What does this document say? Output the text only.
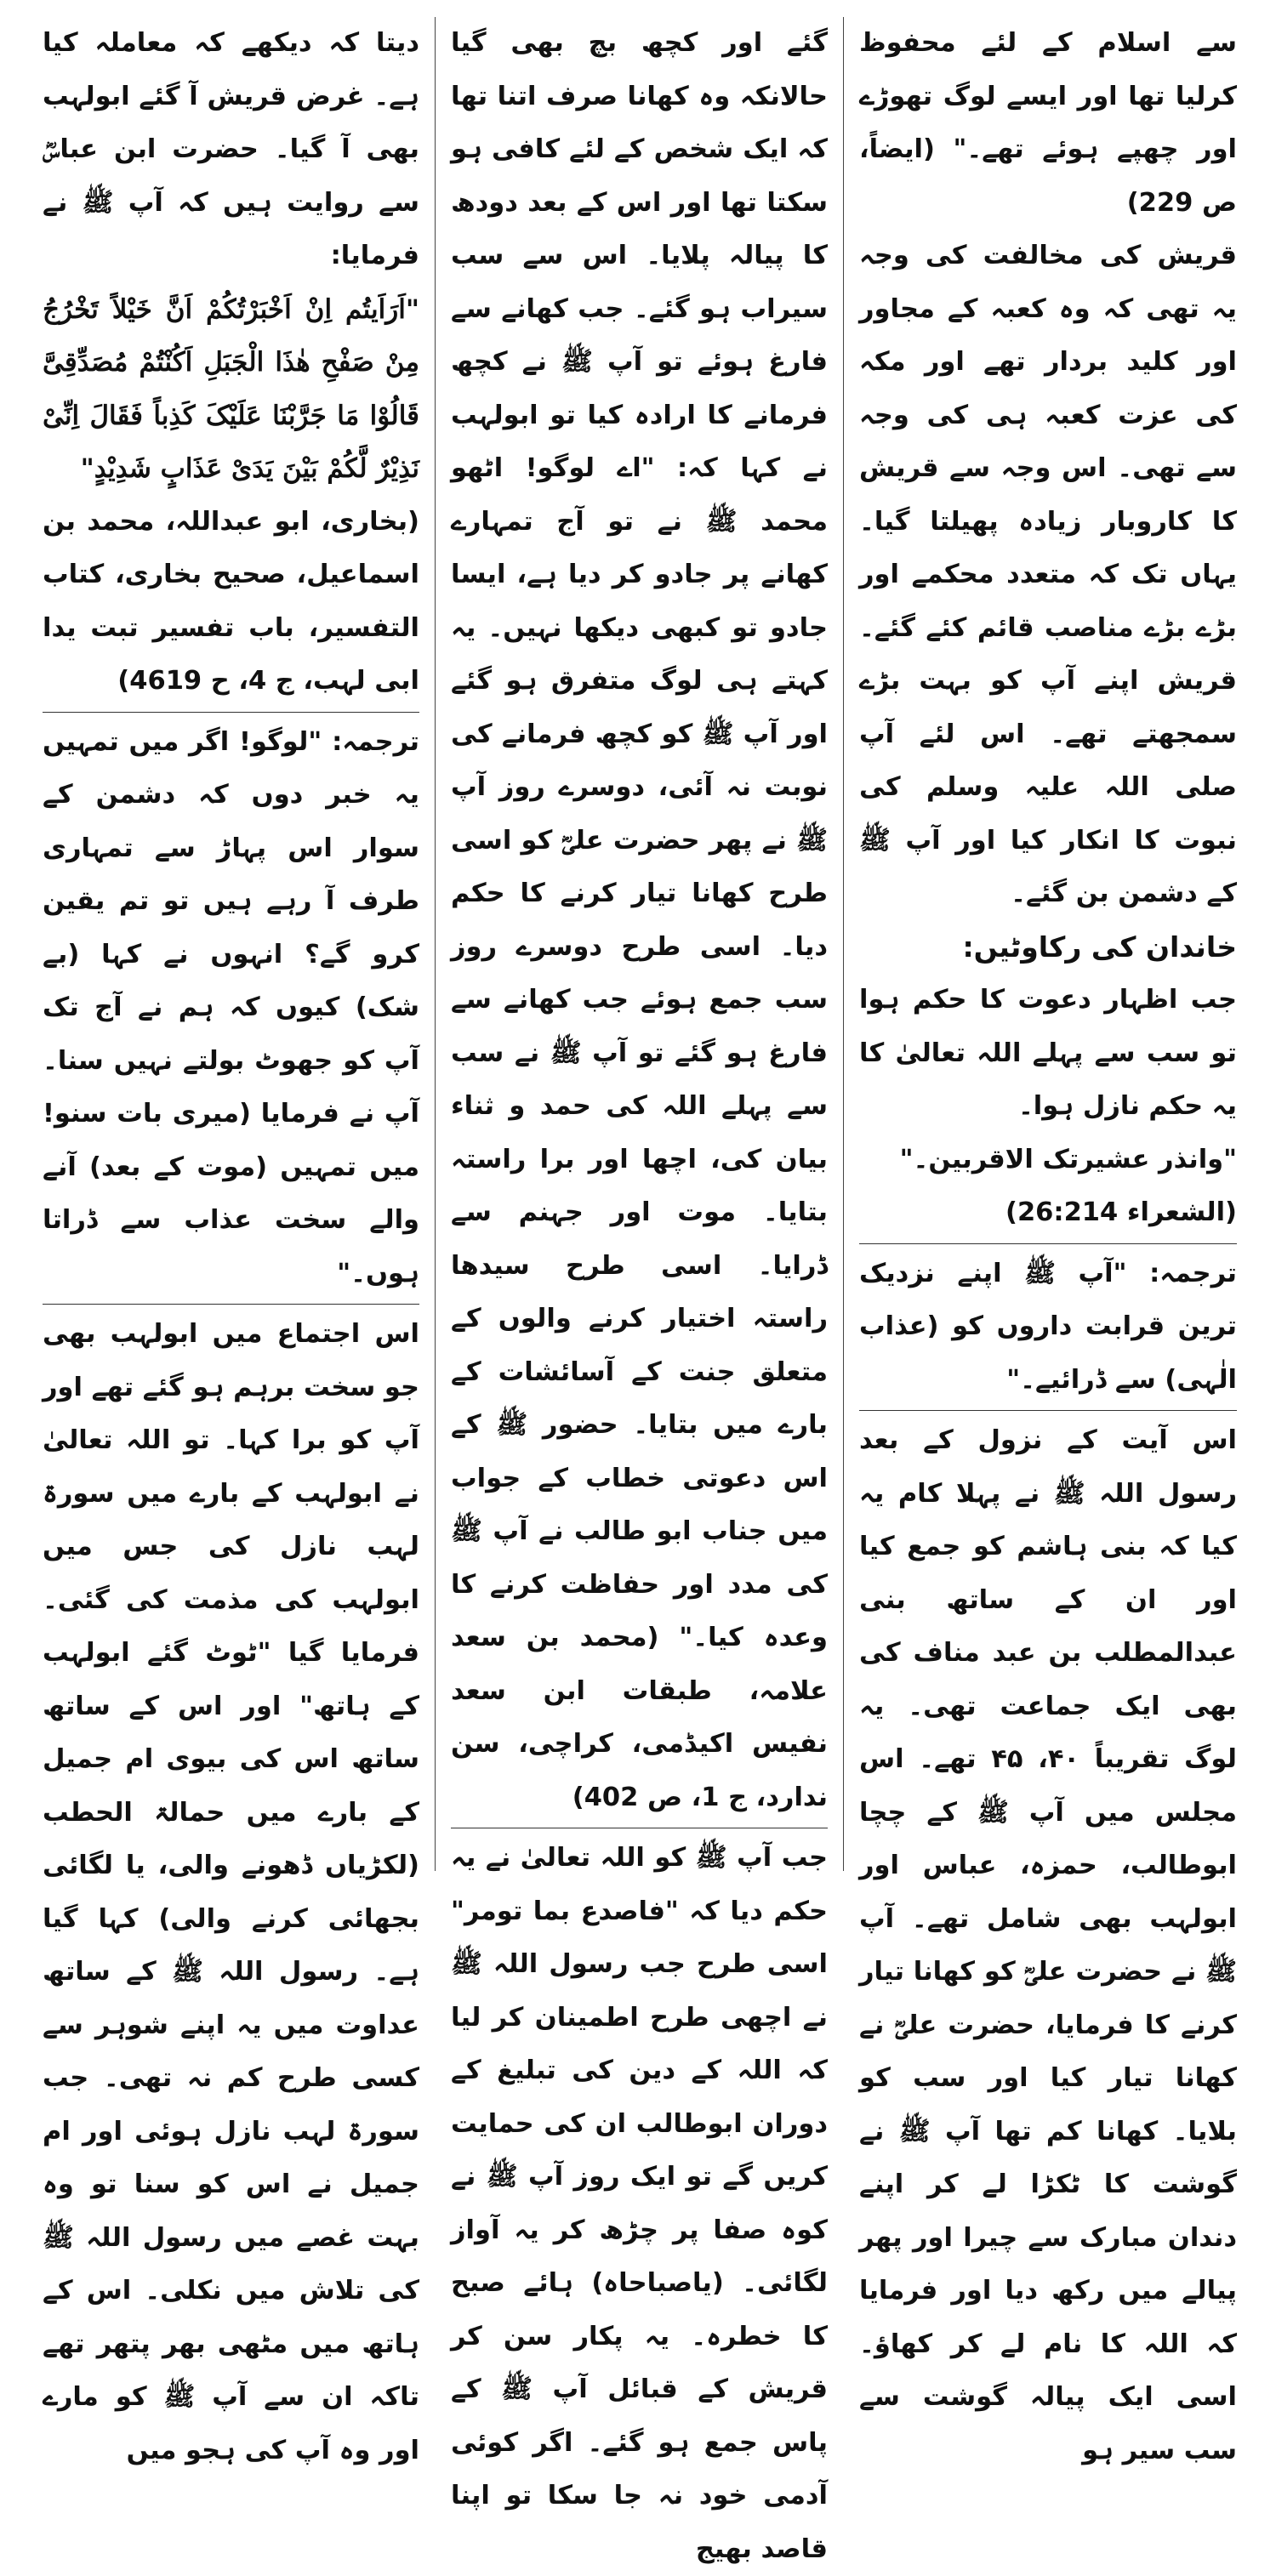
سے اسلام کے لئے محفوظ کرلیا تھا اور ایسے لوگ تھوڑے اور چھپے ہوئے تھے۔" (ایضاً، ص 229)

قریش کی مخالفت کی وجہ یہ تھی کہ وہ کعبہ کے مجاور اور کلید بردار تھے اور مکہ کی عزت کعبہ ہی کی وجہ سے تھی۔ اس وجہ سے قریش کا کاروبار زیادہ پھیلتا گیا۔ یہاں تک کہ متعدد محکمے اور بڑے بڑے مناصب قائم کئے گئے۔ قریش اپنے آپ کو بہت بڑے سمجھتے تھے۔ اس لئے آپ صلی اللہ علیہ وسلم کی نبوت کا انکار کیا اور آپ ﷺ کے دشمن بن گئے۔

خاندان کی رکاوٹیں:

جب اظہار دعوت کا حکم ہوا تو سب سے پہلے اللہ تعالیٰ کا یہ حکم نازل ہوا۔

"وانذر عشیرتک الاقربین۔"

(الشعراء 26:214)

ترجمہ: "آپ ﷺ اپنے نزدیک ترین قرابت داروں کو (عذاب الٰہی) سے ڈرائیے۔"

اس آیت کے نزول کے بعد رسول اللہ ﷺ نے پہلا کام یہ کیا کہ بنی ہاشم کو جمع کیا اور ان کے ساتھ بنی عبدالمطلب بن عبد مناف کی بھی ایک جماعت تھی۔ یہ لوگ تقریباً ۴۰، ۴۵ تھے۔ اس مجلس میں آپ ﷺ کے چچا ابوطالب، حمزہ، عباس اور ابولہب بھی شامل تھے۔ آپ ﷺ نے حضرت علیؓ کو کھانا تیار کرنے کا فرمایا، حضرت علیؓ نے کھانا تیار کیا اور سب کو بلایا۔ کھانا کم تھا آپ ﷺ نے گوشت کا ٹکڑا لے کر اپنے دندان مبارک سے چیرا اور پھر پیالے میں رکھ دیا اور فرمایا کہ اللہ کا نام لے کر کھاؤ۔ اسی ایک پیالہ گوشت سے سب سیر ہو

گئے اور کچھ بچ بھی گیا حالانکہ وہ کھانا صرف اتنا تھا کہ ایک شخص کے لئے کافی ہو سکتا تھا اور اس کے بعد دودھ کا پیالہ پلایا۔ اس سے سب سیراب ہو گئے۔ جب کھانے سے فارغ ہوئے تو آپ ﷺ نے کچھ فرمانے کا ارادہ کیا تو ابولہب نے کہا کہ: "اے لوگو! اٹھو محمد ﷺ نے تو آج تمہارے کھانے پر جادو کر دیا ہے، ایسا جادو تو کبھی دیکھا نہیں۔ یہ کہتے ہی لوگ متفرق ہو گئے اور آپ ﷺ کو کچھ فرمانے کی نوبت نہ آئی، دوسرے روز آپ ﷺ نے پھر حضرت علیؓ کو اسی طرح کھانا تیار کرنے کا حکم دیا۔ اسی طرح دوسرے روز سب جمع ہوئے جب کھانے سے فارغ ہو گئے تو آپ ﷺ نے سب سے پہلے اللہ کی حمد و ثناء بیان کی، اچھا اور برا راستہ بتایا۔ موت اور جہنم سے ڈرایا۔ اسی طرح سیدھا راستہ اختیار کرنے والوں کے متعلق جنت کے آسائشات کے بارے میں بتایا۔ حضور ﷺ کے اس دعوتی خطاب کے جواب میں جناب ابو طالب نے آپ ﷺ کی مدد اور حفاظت کرنے کا وعدہ کیا۔" (محمد بن سعد علامہ، طبقات ابن سعد نفیس اکیڈمی، کراچی، سن ندارد، ج 1، ص 402)

جب آپ ﷺ کو اللہ تعالیٰ نے یہ حکم دیا کہ "فاصدع بما تومر" اسی طرح جب رسول اللہ ﷺ نے اچھی طرح اطمینان کر لیا کہ اللہ کے دین کی تبلیغ کے دوران ابوطالب ان کی حمایت کریں گے تو ایک روز آپ ﷺ نے کوہ صفا پر چڑھ کر یہ آواز لگائی۔ (یاصباحاہ) ہائے صبح کا خطرہ۔ یہ پکار سن کر قریش کے قبائل آپ ﷺ کے پاس جمع ہو گئے۔ اگر کوئی آدمی خود نہ جا سکا تو اپنا قاصد بھیج

دیتا کہ دیکھے کہ معاملہ کیا ہے۔ غرض قریش آ گئے ابولہب بھی آ گیا۔ حضرت ابن عباسؓ سے روایت ہیں کہ آپ ﷺ نے فرمایا:

"اَرَاَیتُم اِنْ اَخْبَرْتُکُمْ اَنَّ خَیْلاً تَخْرُجُ مِنْ صَفْحِ ھٰذَا الْجَبَلِ اَکُنْتُمْ مُصَدِّقِیَّ قَالُوْا مَا جَرَّبْنَا عَلَیْکَ کَذِباً فَقَالَ اِنِّیْ نَذِیْرٌ لَّکُمْ بَیْنَ یَدَیْ عَذَابٍ شَدِیْدٍ"

(بخاری، ابو عبداللہ، محمد بن اسماعیل، صحیح بخاری، کتاب التفسیر، باب تفسیر تبت یدا ابی لہب، ج 4، ح 4619)

ترجمہ: "لوگو! اگر میں تمہیں یہ خبر دوں کہ دشمن کے سوار اس پہاڑ سے تمہاری طرف آ رہے ہیں تو تم یقین کرو گے؟ انہوں نے کہا (بے شک) کیوں کہ ہم نے آج تک آپ کو جھوٹ بولتے نہیں سنا۔ آپ نے فرمایا (میری بات سنو! میں تمہیں (موت کے بعد) آنے والے سخت عذاب سے ڈراتا ہوں۔"

اس اجتماع میں ابولہب بھی جو سخت برہم ہو گئے تھے اور آپ کو برا کہا۔ تو اللہ تعالیٰ نے ابولہب کے بارے میں سورۃ لہب نازل کی جس میں ابولہب کی مذمت کی گئی۔ فرمایا گیا "ٹوٹ گئے ابولہب کے ہاتھ" اور اس کے ساتھ ساتھ اس کی بیوی ام جمیل کے بارے میں حمالۃ الحطب (لکڑیاں ڈھونے والی، یا لگائی بجھائی کرنے والی) کہا گیا ہے۔ رسول اللہ ﷺ کے ساتھ عداوت میں یہ اپنے شوہر سے کسی طرح کم نہ تھی۔ جب سورۃ لہب نازل ہوئی اور ام جمیل نے اس کو سنا تو وہ بہت غصے میں رسول اللہ ﷺ کی تلاش میں نکلی۔ اس کے ہاتھ میں مٹھی بھر پتھر تھے تاکہ ان سے آپ ﷺ کو مارے اور وہ آپ کی ہجو میں
